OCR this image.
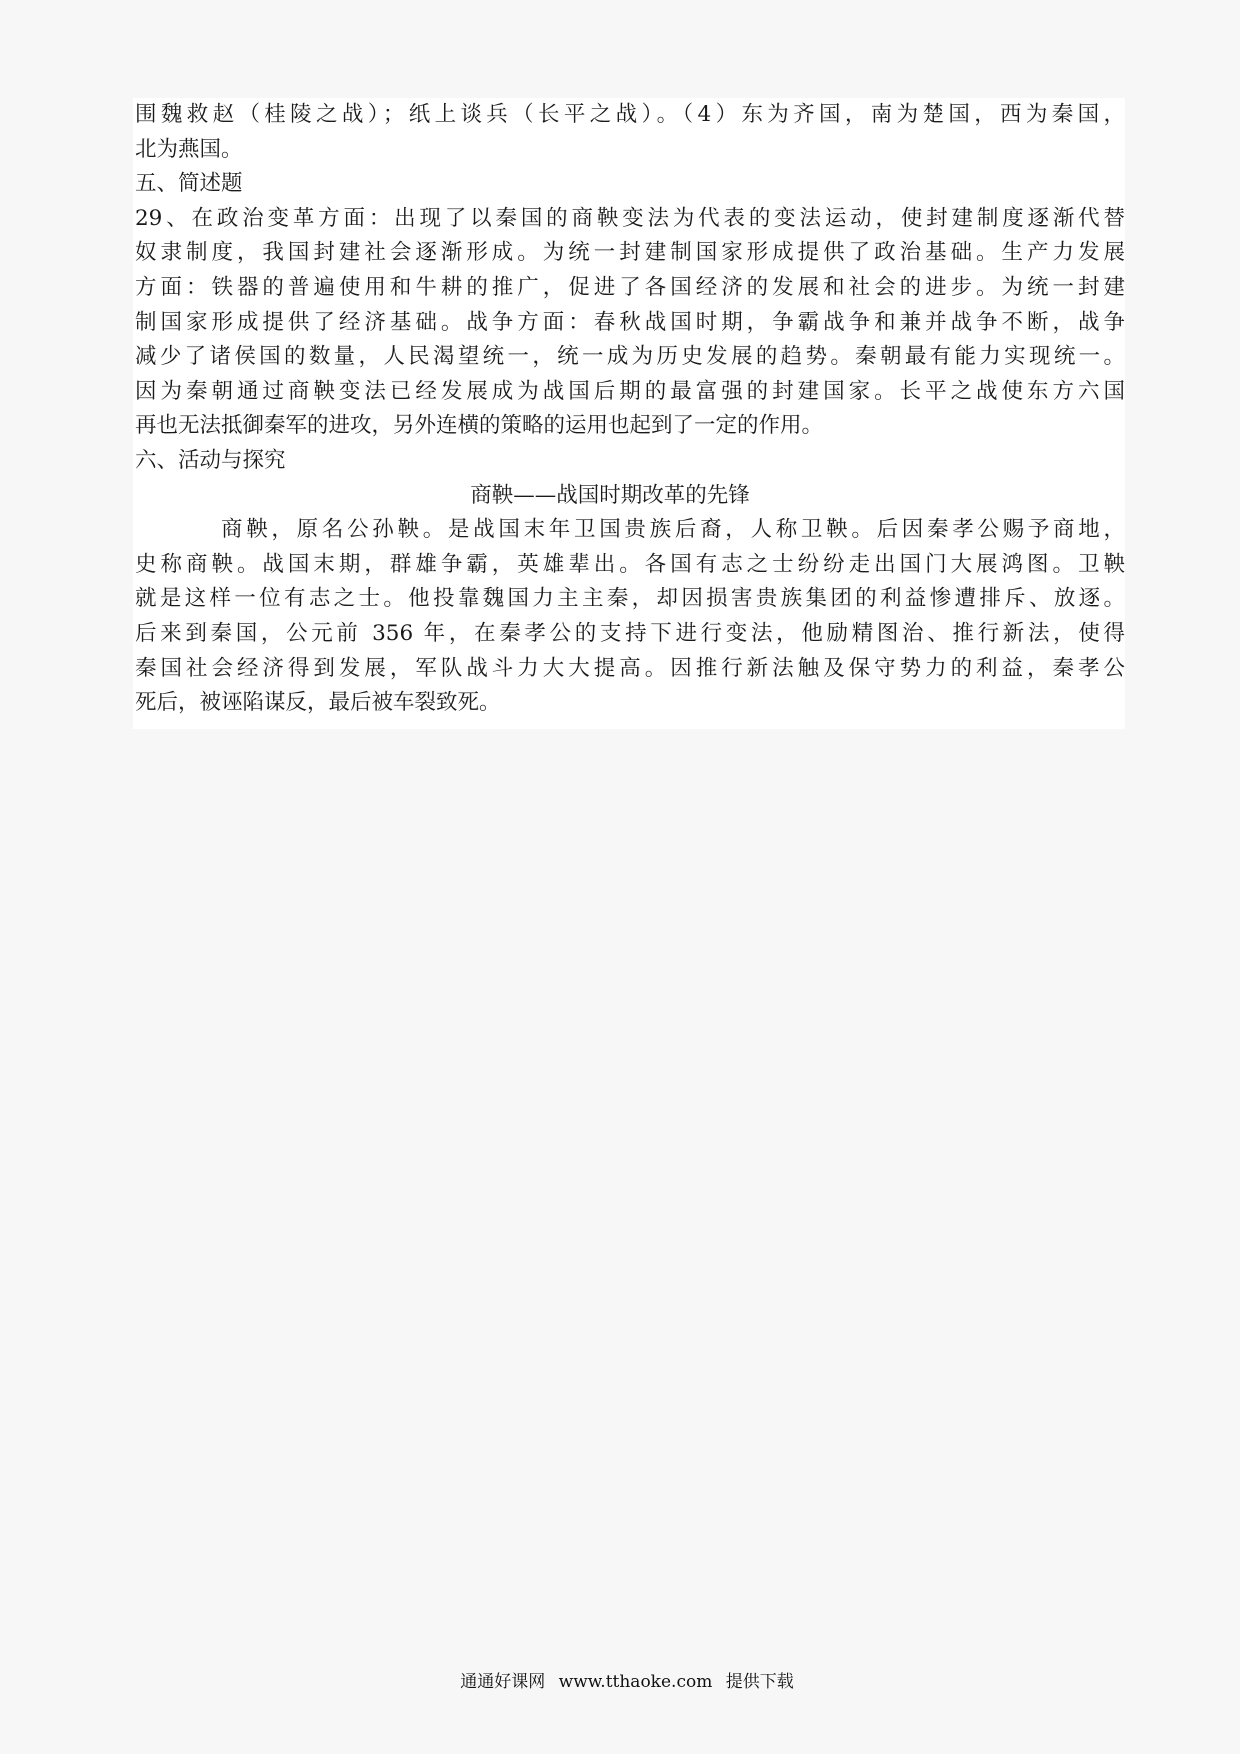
围魏救赵（桂陵之战）；纸上谈兵（长平之战）。（4）东为齐国，南为楚国，西为秦国，
北为燕国。
五、简述题
29、在政治变革方面：出现了以秦国的商鞅变法为代表的变法运动，使封建制度逐渐代替
奴隶制度，我国封建社会逐渐形成。为统一封建制国家形成提供了政治基础。生产力发展
方面：铁器的普遍使用和牛耕的推广，促进了各国经济的发展和社会的进步。为统一封建
制国家形成提供了经济基础。战争方面：春秋战国时期，争霸战争和兼并战争不断，战争
减少了诸侯国的数量，人民渴望统一，统一成为历史发展的趋势。秦朝最有能力实现统一。
因为秦朝通过商鞅变法已经发展成为战国后期的最富强的封建国家。长平之战使东方六国
再也无法抵御秦军的进攻，另外连横的策略的运用也起到了一定的作用。
六、活动与探究
商鞅——战国时期改革的先锋
商鞅，原名公孙鞅。是战国末年卫国贵族后裔，人称卫鞅。后因秦孝公赐予商地，
史称商鞅。战国末期，群雄争霸，英雄辈出。各国有志之士纷纷走出国门大展鸿图。卫鞅
就是这样一位有志之士。他投靠魏国力主主秦，却因损害贵族集团的利益惨遭排斥、放逐。
后来到秦国，公元前 356 年，在秦孝公的支持下进行变法，他励精图治、推行新法，使得
秦国社会经济得到发展，军队战斗力大大提高。因推行新法触及保守势力的利益，秦孝公
死后，被诬陷谋反，最后被车裂致死。
通通好课网 www.tthaoke.com 提供下载
